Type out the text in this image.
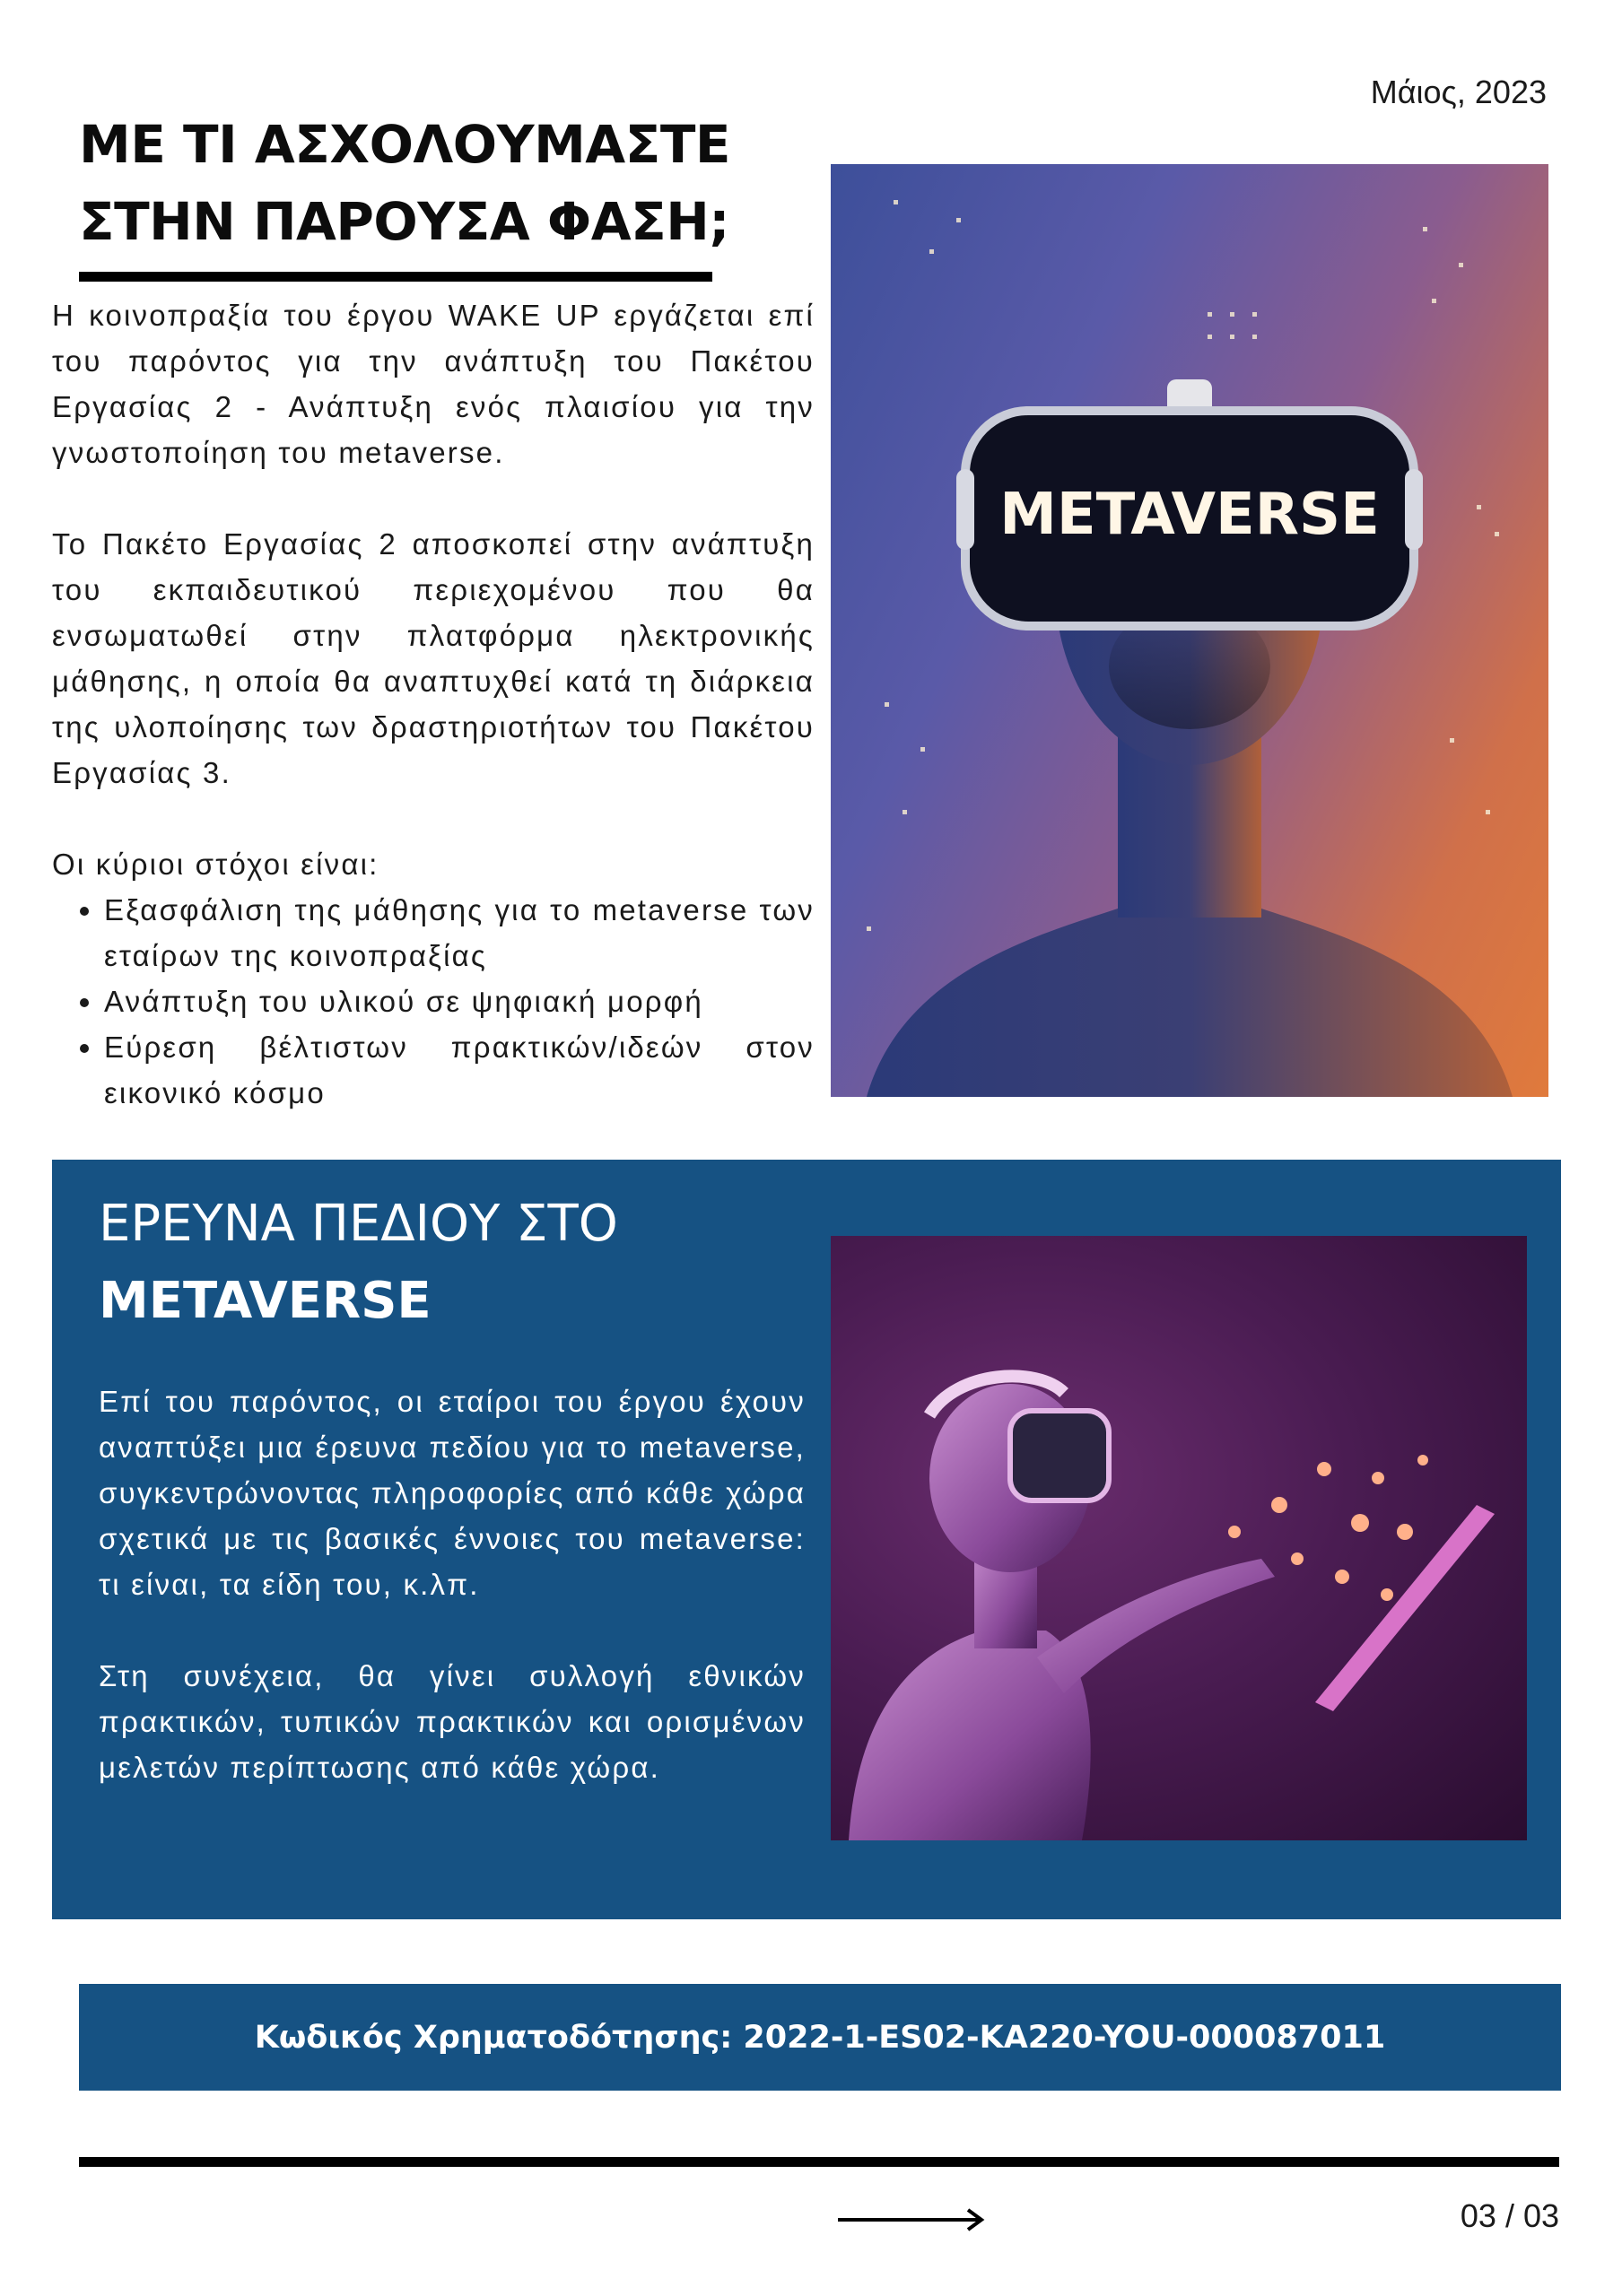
Μάιος, 2023
ΜΕ ΤΙ ΑΣΧΟΛΟΥΜΑΣΤΕ
ΣΤΗΝ ΠΑΡΟΥΣΑ ΦΑΣΗ;

Η κοινοπραξία του έργου WAKE UP εργάζεται επί του παρόντος για την ανάπτυξη του Πακέτου Εργασίας 2 - Ανάπτυξη ενός πλαισίου για την γνωστοποίηση του metaverse.

Το Πακέτο Εργασίας 2 αποσκοπεί στην ανάπτυξη του εκπαιδευτικού περιεχομένου που θα ενσωματωθεί στην πλατφόρμα ηλεκτρονικής μάθησης, η οποία θα αναπτυχθεί κατά τη διάρκεια της υλοποίησης των δραστηριοτήτων του Πακέτου Εργασίας 3.

Οι κύριοι στόχοι είναι:

• Εξασφάλιση της μάθησης για το metaverse των εταίρων της κοινοπραξίας
• Ανάπτυξη του υλικού σε ψηφιακή μορφή
• Εύρεση βέλτιστων πρακτικών/ιδεών στον εικονικό κόσμο
METAVERSE
ΕΡΕΥΝΑ ΠΕΔΙΟΥ ΣΤΟ
METAVERSE

Επί του παρόντος, οι εταίροι του έργου έχουν αναπτύξει μια έρευνα πεδίου για το metaverse, συγκεντρώνοντας πληροφορίες από κάθε χώρα σχετικά με τις βασικές έννοιες του metaverse: τι είναι, τα είδη του, κ.λπ.

Στη συνέχεια, θα γίνει συλλογή εθνικών πρακτικών, τυπικών πρακτικών και ορισμένων μελετών περίπτωσης από κάθε χώρα.

Κωδικός Χρηματοδότησης: 2022-1-ES02-KA220-YOU-000087011
03 / 03
